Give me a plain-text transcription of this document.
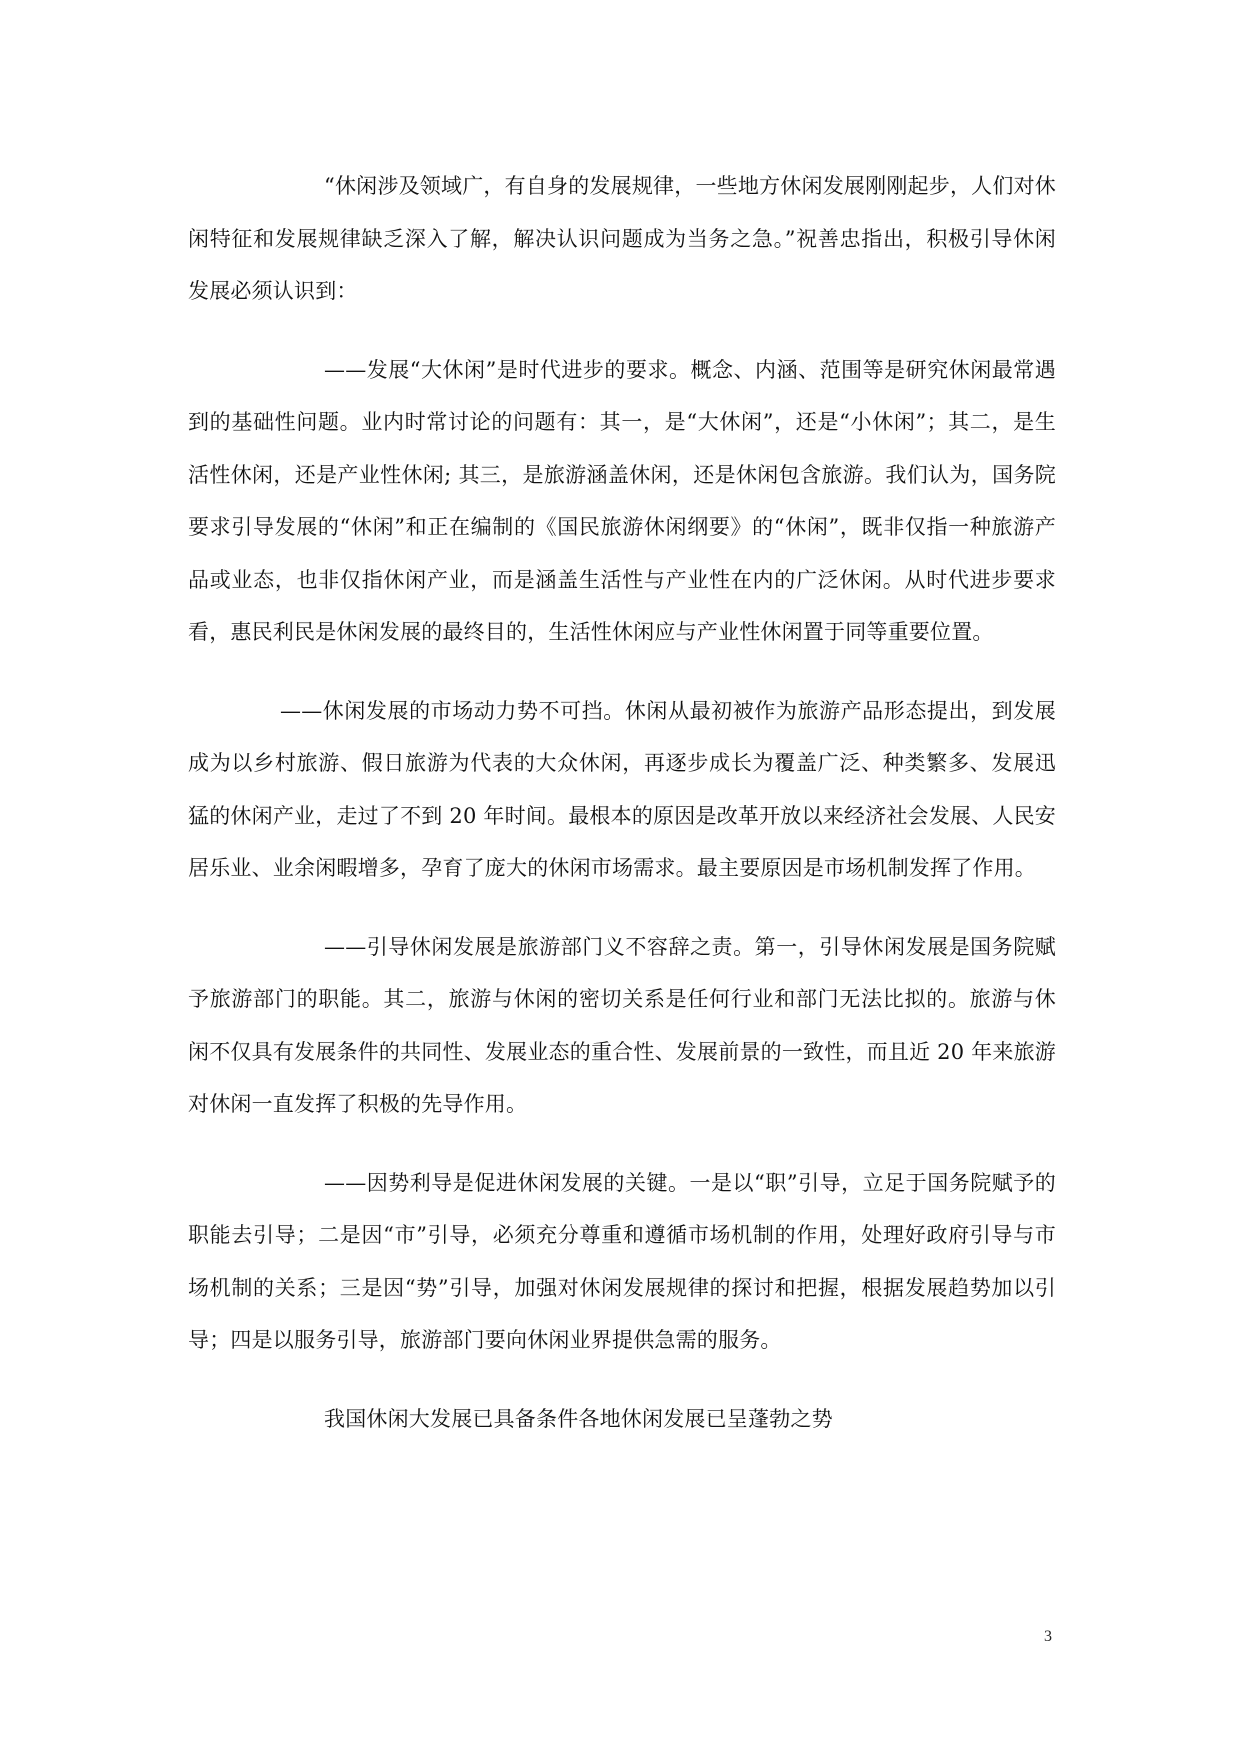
“休闲涉及领域广，有自身的发展规律，一些地方休闲发展刚刚起步，人们对休闲特征和发展规律缺乏深入了解，解决认识问题成为当务之急。”祝善忠指出，积极引导休闲发展必须认识到：

——发展“大休闲”是时代进步的要求。概念、内涵、范围等是研究休闲最常遇到的基础性问题。业内时常讨论的问题有：其一，是“大休闲”，还是“小休闲”；其二，是生活性休闲，还是产业性休闲; 其三，是旅游涵盖休闲，还是休闲包含旅游。我们认为，国务院要求引导发展的“休闲”和正在编制的《国民旅游休闲纲要》的“休闲”，既非仅指一种旅游产品或业态，也非仅指休闲产业，而是涵盖生活性与产业性在内的广泛休闲。从时代进步要求看，惠民利民是休闲发展的最终目的，生活性休闲应与产业性休闲置于同等重要位置。

——休闲发展的市场动力势不可挡。休闲从最初被作为旅游产品形态提出，到发展成为以乡村旅游、假日旅游为代表的大众休闲，再逐步成长为覆盖广泛、种类繁多、发展迅猛的休闲产业，走过了不到 20 年时间。最根本的原因是改革开放以来经济社会发展、人民安居乐业、业余闲暇增多，孕育了庞大的休闲市场需求。最主要原因是市场机制发挥了作用。

——引导休闲发展是旅游部门义不容辞之责。第一，引导休闲发展是国务院赋予旅游部门的职能。其二，旅游与休闲的密切关系是任何行业和部门无法比拟的。旅游与休闲不仅具有发展条件的共同性、发展业态的重合性、发展前景的一致性，而且近 20 年来旅游对休闲一直发挥了积极的先导作用。

——因势利导是促进休闲发展的关键。一是以“职”引导，立足于国务院赋予的职能去引导；二是因“市”引导，必须充分尊重和遵循市场机制的作用，处理好政府引导与市场机制的关系；三是因“势”引导，加强对休闲发展规律的探讨和把握，根据发展趋势加以引导；四是以服务引导，旅游部门要向休闲业界提供急需的服务。

我国休闲大发展已具备条件各地休闲发展已呈蓬勃之势

3
